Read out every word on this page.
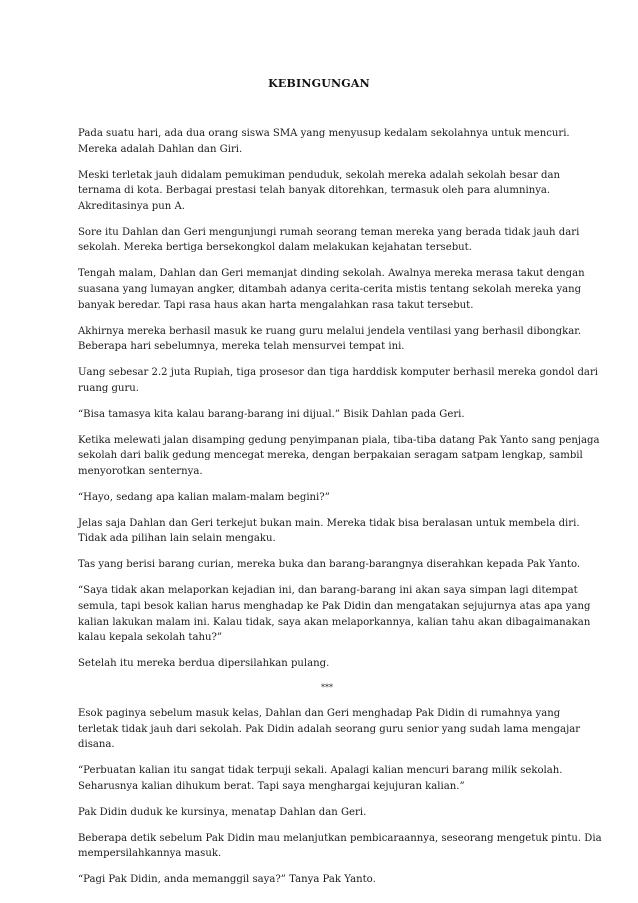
KEBINGUNGAN
Pada suatu hari, ada dua orang siswa SMA yang menyusup kedalam sekolahnya untuk mencuri.
Mereka adalah Dahlan dan Giri.
Meski terletak jauh didalam pemukiman penduduk, sekolah mereka adalah sekolah besar dan
ternama di kota. Berbagai prestasi telah banyak ditorehkan, termasuk oleh para alumninya.
Akreditasinya pun A.
Sore itu Dahlan dan Geri mengunjungi rumah seorang teman mereka yang berada tidak jauh dari
sekolah. Mereka bertiga bersekongkol dalam melakukan kejahatan tersebut.
Tengah malam, Dahlan dan Geri memanjat dinding sekolah. Awalnya mereka merasa takut dengan
suasana yang lumayan angker, ditambah adanya cerita-cerita mistis tentang sekolah mereka yang
banyak beredar. Tapi rasa haus akan harta mengalahkan rasa takut tersebut.
Akhirnya mereka berhasil masuk ke ruang guru melalui jendela ventilasi yang berhasil dibongkar.
Beberapa hari sebelumnya, mereka telah mensurvei tempat ini.
Uang sebesar 2.2 juta Rupiah, tiga prosesor dan tiga harddisk komputer berhasil mereka gondol dari
ruang guru.
“Bisa tamasya kita kalau barang-barang ini dijual.” Bisik Dahlan pada Geri.
Ketika melewati jalan disamping gedung penyimpanan piala, tiba-tiba datang Pak Yanto sang penjaga
sekolah dari balik gedung mencegat mereka, dengan berpakaian seragam satpam lengkap, sambil
menyorotkan senternya.
“Hayo, sedang apa kalian malam-malam begini?”
Jelas saja Dahlan dan Geri terkejut bukan main. Mereka tidak bisa beralasan untuk membela diri.
Tidak ada pilihan lain selain mengaku.
Tas yang berisi barang curian, mereka buka dan barang-barangnya diserahkan kepada Pak Yanto.
“Saya tidak akan melaporkan kejadian ini, dan barang-barang ini akan saya simpan lagi ditempat
semula, tapi besok kalian harus menghadap ke Pak Didin dan mengatakan sejujurnya atas apa yang
kalian lakukan malam ini. Kalau tidak, saya akan melaporkannya, kalian tahu akan dibagaimanakan
kalau kepala sekolah tahu?”
Setelah itu mereka berdua dipersilahkan pulang.
***
Esok paginya sebelum masuk kelas, Dahlan dan Geri menghadap Pak Didin di rumahnya yang
terletak tidak jauh dari sekolah. Pak Didin adalah seorang guru senior yang sudah lama mengajar
disana.
“Perbuatan kalian itu sangat tidak terpuji sekali. Apalagi kalian mencuri barang milik sekolah.
Seharusnya kalian dihukum berat. Tapi saya menghargai kejujuran kalian.”
Pak Didin duduk ke kursinya, menatap Dahlan dan Geri.
Beberapa detik sebelum Pak Didin mau melanjutkan pembicaraannya, seseorang mengetuk pintu. Dia
mempersilahkannya masuk.
“Pagi Pak Didin, anda memanggil saya?” Tanya Pak Yanto.
